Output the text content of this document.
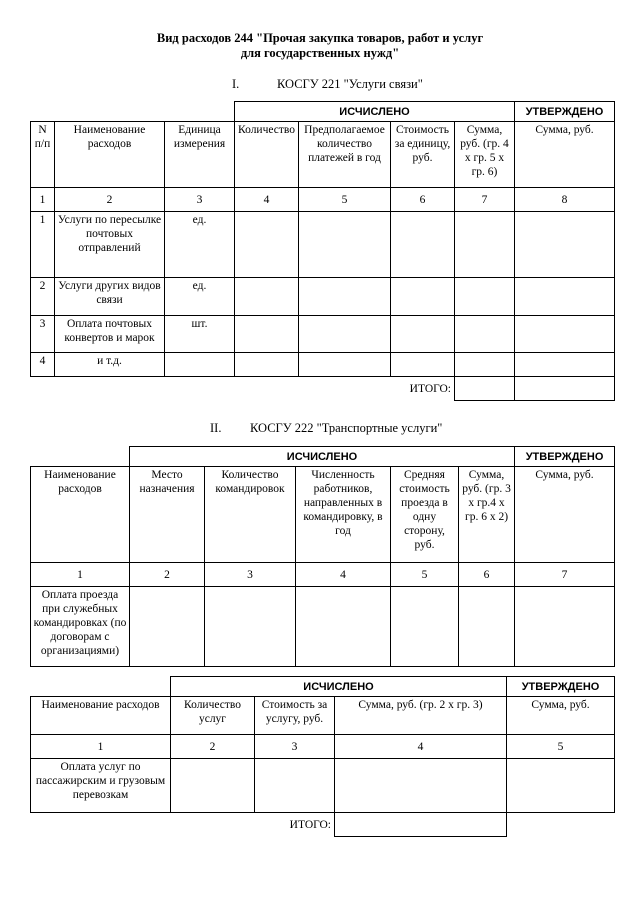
Вид расходов 244 "Прочая закупка товаров, работ и услуг
для государственных нужд"
I.	КОСГУ 221 "Услуги связи"
			ИСЧИСЛЕНО				УТВЕРЖДЕНО
N п/п	Наименование расходов	Единица измерения	Количество	Предполагаемое количество платежей в год	Стоимость за единицу, руб.	Сумма, руб. (гр. 4 x гр. 5 x гр. 6)	Сумма, руб.
1	2	3	4	5	6	7	8
1	Услуги по пересылке почтовых отправлений	ед.					
2	Услуги других видов связи	ед.					
3	Оплата почтовых конвертов и марок	шт.					
4	и т.д.						
ИТОГО:							
II. КОСГУ 222 "Транспортные услуги"
	ИСЧИСЛЕНО					УТВЕРЖДЕНО
Наименование расходов	Место назначения	Количество командировок	Численность работников, направленных в командировку, в год	Средняя стоимость проезда в одну сторону, руб.	Сумма, руб. (гр. 3 x гр.4 x гр. 6 x 2)	Сумма, руб.
1	2	3	4	5	6	7
Оплата проезда при служебных командировках (по договорам с организациями)						
	ИСЧИСЛЕНО			УТВЕРЖДЕНО
Наименование расходов	Количество услуг	Стоимость за услугу, руб.	Сумма, руб. (гр. 2 x гр. 3)	Сумма, руб.
1	2	3	4	5
Оплата услуг по пассажирским и грузовым перевозкам				
ИТОГО:				
